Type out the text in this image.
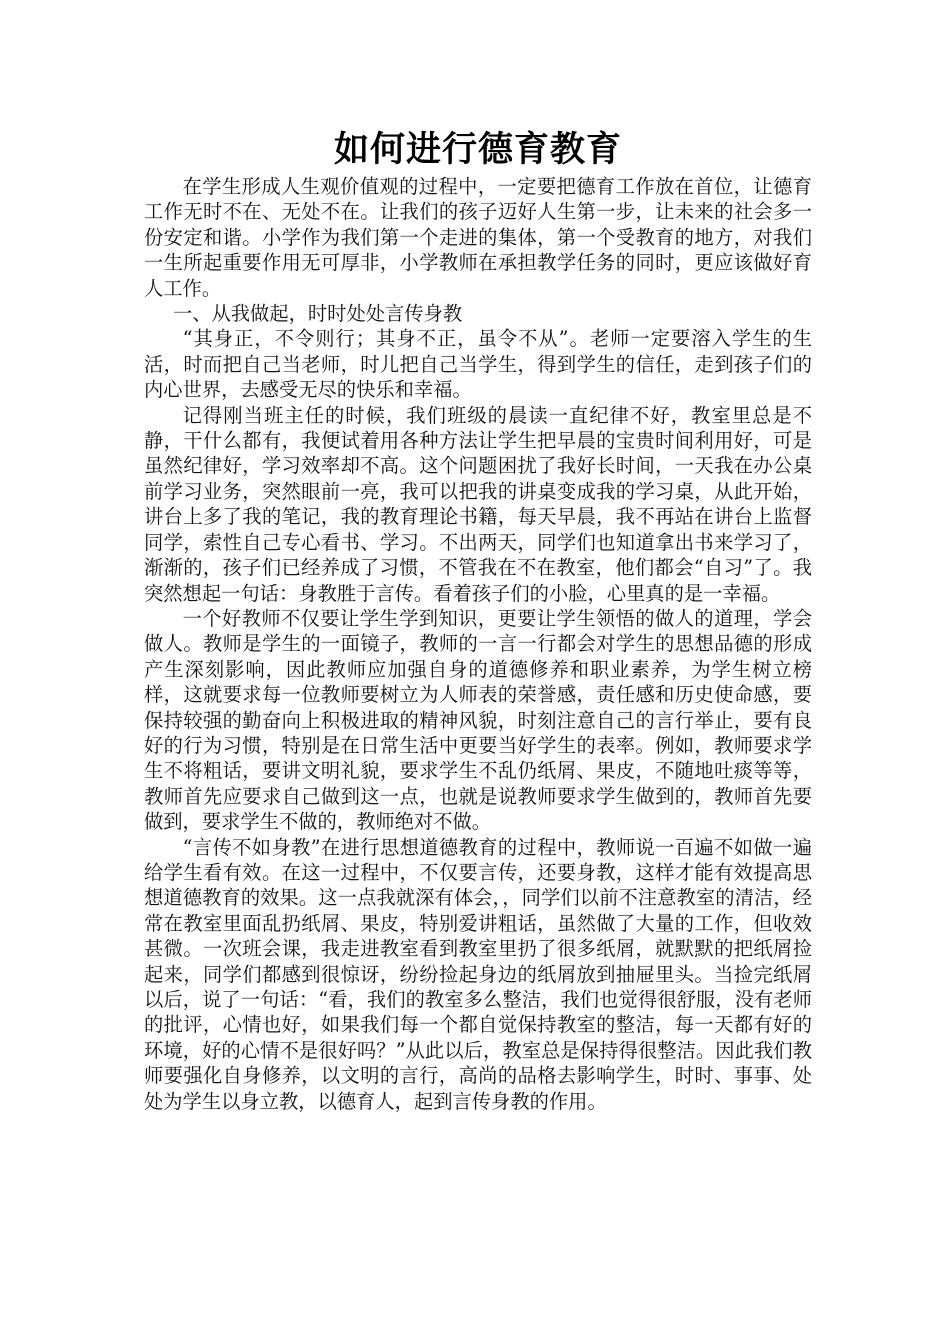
如何进行德育教育

在学生形成人生观价值观的过程中，一定要把德育工作放在首位，让德育工作无时不在、无处不在。让我们的孩子迈好人生第一步，让未来的社会多一份安定和谐。小学作为我们第一个走进的集体，第一个受教育的地方，对我们一生所起重要作用无可厚非，小学教师在承担教学任务的同时，更应该做好育人工作。

一、从我做起，时时处处言传身教

“其身正，不令则行；其身不正，虽令不从”。老师一定要溶入学生的生活，时而把自己当老师，时儿把自己当学生，得到学生的信任，走到孩子们的内心世界，去感受无尽的快乐和幸福。

记得刚当班主任的时候，我们班级的晨读一直纪律不好，教室里总是不静，干什么都有，我便试着用各种方法让学生把早晨的宝贵时间利用好，可是虽然纪律好，学习效率却不高。这个问题困扰了我好长时间，一天我在办公桌前学习业务，突然眼前一亮，我可以把我的讲桌变成我的学习桌，从此开始，讲台上多了我的笔记，我的教育理论书籍，每天早晨，我不再站在讲台上监督同学，索性自己专心看书、学习。不出两天，同学们也知道拿出书来学习了，渐渐的，孩子们已经养成了习惯，不管我在不在教室，他们都会“自习”了。我突然想起一句话：身教胜于言传。看着孩子们的小脸，心里真的是一幸福。

一个好教师不仅要让学生学到知识，更要让学生领悟的做人的道理，学会做人。教师是学生的一面镜子，教师的一言一行都会对学生的思想品德的形成产生深刻影响，因此教师应加强自身的道德修养和职业素养，为学生树立榜样，这就要求每一位教师要树立为人师表的荣誉感，责任感和历史使命感，要保持较强的勤奋向上积极进取的精神风貌，时刻注意自己的言行举止，要有良好的行为习惯，特别是在日常生活中更要当好学生的表率。例如，教师要求学生不将粗话，要讲文明礼貌，要求学生不乱仍纸屑、果皮，不随地吐痰等等，教师首先应要求自己做到这一点，也就是说教师要求学生做到的，教师首先要做到，要求学生不做的，教师绝对不做。

“言传不如身教”在进行思想道德教育的过程中，教师说一百遍不如做一遍给学生看有效。在这一过程中，不仅要言传，还要身教，这样才能有效提高思想道德教育的效果。这一点我就深有体会，，同学们以前不注意教室的清洁，经常在教室里面乱扔纸屑、果皮，特别爱讲粗话，虽然做了大量的工作，但收效甚微。一次班会课，我走进教室看到教室里扔了很多纸屑，就默默的把纸屑捡起来，同学们都感到很惊讶，纷纷捡起身边的纸屑放到抽屉里头。当捡完纸屑以后，说了一句话：“看，我们的教室多么整洁，我们也觉得很舒服，没有老师的批评，心情也好，如果我们每一个都自觉保持教室的整洁，每一天都有好的环境，好的心情不是很好吗？”从此以后，教室总是保持得很整洁。因此我们教师要强化自身修养，以文明的言行，高尚的品格去影响学生，时时、事事、处处为学生以身立教，以德育人，起到言传身教的作用。
